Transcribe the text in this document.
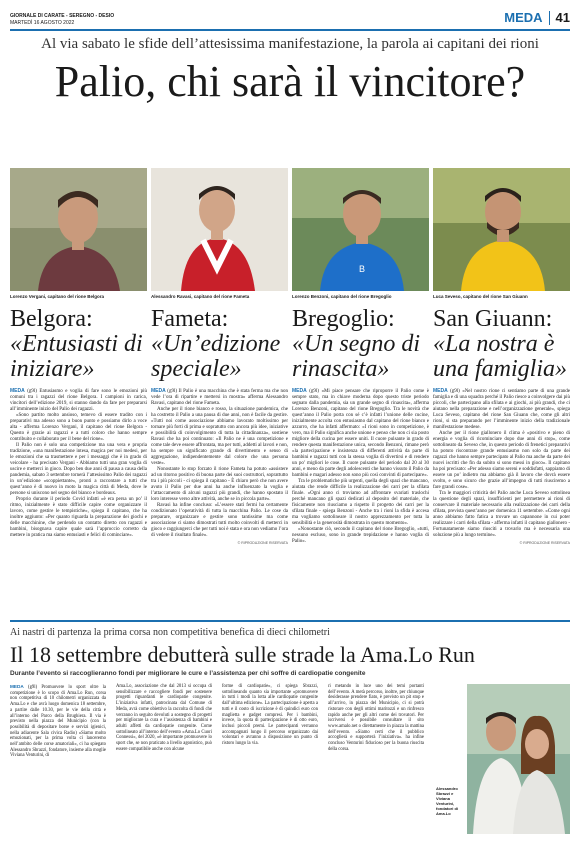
GIORNALE DI CARATE - SEREGNO - DESIO
MARTEDÌ 16 AGOSTO 2022	MEDA 41
Al via sabato le sfide dell’attesissima manifestazione, la parola ai capitani dei rioni
Palio, chi sarà il vincitore?
Lorenzo Vergani, capitano del rione Belgora
Belgora:
«Entusiasti di iniziare»

MEDA (g9l) Entusiasmo e voglia di fare sono le emozioni più comuni tra i ragazzi del rione Belgora. I campioni in carica, vincitori dell’edizione 2019, si stanno dando da fare per prepararsi all’imminente inizio del Palio dei ragazzi.

«Sono partito molto ansioso, temevo di essere tradito con i preparativi ma adesso sono a buon punto e possiamo dirlo a voce alta - afferma Lorenzo Vergani, il capitano del rione Belgora - Questo è grazie ai ragazzi e a tutti coloro che hanno sempre contribuito e collaborato per il bene del rione».

Il Palio non è solo una competizione ma una vera e propria tradizione, «una manifestazione intesa, magica per noi medesi, per le emozioni che sa trasmettere e per i messaggi che è in grado di veicolare - ha precisato Vergani - Abbiamo tutti una gran voglia di uscire e metterci in gioco. Dopo ben due anni di pausa a causa della pandemia, sabato 3 settembre tornerà l’attesissimo Palio dei ragazzi in un’edizione «scoppiettante», pronti a raccontare a tutti che quest’anno è di nuovo in moto la magica città di Meda, dove le persone si uniscono nel segno del bianco e bordeaux.

Proprio durante il periodo Covid infatti «è era persa un po’ il ritmo, inizialmente è stato difficile capire come organizzare il lavoro, come gestire le tempistiche», spiega il capitano, che ha inoltre aggiunto: «Per quanto riguarda la preparazione dei giochi e delle macchinine, che perdendo un contatto diretto con ragazzi e bambini, bisognava capire quale sarà l’approccio corretto da mettere in pratica ma siamo entusiasti e felici di cominciare».

Alessandro Ravasi, capitano del rione Fameta
Fameta:
«Un’edizione speciale»

MEDA (g9l) Il Palio è una macchina che è stata ferma ma che non vede l’ora di ripartire e mettersi in mostra» afferma Alessandro Ravasi, capitano del rione Fameta.

Anche per il rione bianco e rosso, la situazione pandemica, che ha costretto il Palio a una pausa di due anni, non è facile da gestire. «Tutti noi come associazione abbiamo lavorato moltissimo per tornare più forti di prima e sopratutto con ancora più idee, iniziative e possibilità di coinvolgimento di tutta la cittadinanza», sostiene Ravasi che ha poi continuato: «Il Palio ne è una competizione e come tale deve essere affrontata, ma per tutti, addetti al lavori e non, ha sempre un significato grande di divertimento e senso di aggregazione, indipendentemente dal colore che una persona veste».

Nonostante lo stop forzato il rione Fameta ha potuto «assistere ad un ritorno positivo di buona parte dei suoi costruttori, soprattutto tra i più piccoli - ci spiega il capitano - È chiaro però che non avere avuto il Palio per due anni ha anche influenzato la voglia e l’attaccamento di alcuni ragazzi più grandi, che hanno spostato il loro interesse verso altre attività, anche se in piccola parte».

Ravasi ha infine concluso: «L’essere stati fermi ha certamente condizionato l’operatività di tutta la macchina Palio. Le cose da preparare, organizzare e gestire sono tantissime ma come associazione ci siamo dimostrati tutti molto coinvolti di metterci in gioco e raggiungerci che per tutti noi è stata e ora non vediamo l’ora di vedere il risultato finale».

© RIPRODUZIONE RISERVATA
B
Lorenzo Benzoni, capitano del rione Bregoglio
Bregoglio:
«Un segno di rinascita»

MEDA (g9l) «Mi piace pensare che riproporre il Palio come è sempre stato, ma in chiave moderna dopo questo triste periodo segnato dalla pandemia, sia un grande segno di rinascita», afferma Lorenzo Benzoni, capitano del rione Bregoglio. Tra le novità che quest’anno il Palio porta con sé c’è infatti l’unione delle cucine, inizialmente accolta con entusiasmo dal capitano del rione bianco e azzurro, che ha infatti affermato: «I rioni sono in competizione, è vero, ma il Palio significa anche unione e penso che non ci sia posto migliore della cucina per essere uniti. Il cuore pulsante in grado di rendere questa manifestazione unica, secondo Benzoni, rimane però «la partecipazione e insistenza di differenti attività da parte di bambini e ragazzi tutti con la stessa voglia di divertirsi e di rendere un po’ migliori le cose. Il cuore pulsante del periodo dal 20 al 30 anni, e meno da parte degli adolescenti che hanno vissuto il Palio da bambini e magari adesso non sono più così convinti di partecipare».

Tra le problematiche più urgenti, quella degli spazi che mancano, aiutata che rende difficile la realizzazione dei carri per la sfilata finale. «Ogni anno ci troviamo ad affrontare svariati traslochi perché mancano gli spazi dedicati al deposito del materiale, che fisicamente non riusciamo a rispetto il progetto dei carri per la sfilata finale - spiega Benzoni - Anche tra i rioni la sfida è accesa ma vogliamo sottolineare il nostro apprezzamento per tutta la sensibilità e la generosità dimostrata in questo momento».

«Nonostante ciò, secondo il capitano del rione Bregoglio, «tutti, nessuno escluso, sono in grande trepidazione e hanno voglia di Palio».

Luca Seveso, capitano del rione San Giuann
San Giuann:
«La nostra è una famiglia»

MEDA (g9l) «Nel nostro rione ci sentiamo parte di una grande famiglia e di una squadra perché il Palio riesce a coinvolgere dai più piccoli, che partecipano alla sfilata e ai giochi, ai più grandi, che ci aiutano nella preparazione e nell’organizzazione generale», spiega Luca Seveso, capitano del rione San Giuann che, come gli altri rioni, si sta preparando per l’imminente inizio della tradizionale manifestazione medese.

Anche per il rione giallonero il clima è «positivo e pieno di energia e voglia di ricominciare dopo due anni di stop», come sottolineato da Seveso che, in questo periodo di frenetici preparativi ha potuto riscontrare grande entusiasmo non solo da parte dei ragazzi che hanno sempre partecipato al Palio ma anche da parte dei nuovi iscritti che fin da subito si sono messi in gioco». Il capitano ha poi precisato: «Per adesso siamo sereni e soddisfatti, sappiamo di essere un po’ indietro ma abbiamo già il lavoro che dovrà essere svolto, e sono sicuro che grazie all’impegno di tutti riusciremo a fare grandi cose».

Tra le maggiori criticità del Palio anche Luca Seveso sottolinea la questione degli spazi, insufficienti per permettere ai rioni di conservare il materiale necessario alla realizzazione dei carri della sfilata, prevista quest’anno per domenica 11 settembre. «Come ogni anno abbiamo fatto fatica a trovare un capannone in cui poter realizzare i carri della sfilata - afferma infatti il capitano giallonero - Fortunatamente siamo riusciti a trovarlo ma è necessaria una soluzione più a lungo termine».

© RIPRODUZIONE RISERVATA
Ai nastri di partenza la prima corsa non competitiva benefica di dieci chilometri
Il 18 settembre debutterà sulle strade la Ama.Lo Run
Durante l’evento si raccoglieranno fondi per migliorare le cure e l’assistenza per chi soffre di cardiopatie congenite

MEDA (g9l) Promuovere lo sport oltre la competizione è lo scopo di Ama.Lo Run, corsa non competitiva di 10 chilometri organizzata da Ama.Lo e che avrà luogo domenica 18 settembre, a partire dalle 10.30, per le vie della città e all’interno del Parco della Brughiera. Il via è previsto nella piazza del Municipio (con la possibilità di depositare borse e servizi igienici, nella adiacente Sala civica Radio) «Siamo molto emozionati, per la prima volta ci lanceremo nell’ambito delle corse amatoriali», ci ha spiegato Alessandro Sbrazzi, fondatore, insieme alla moglie Viviana Venturini, di

Ama.Lo, associazione che dal 2013 si occupa di sensibilizzare e raccogliere fondi per sostenere progetti riguardanti le cardiopatie congenite. L’iniziativa infatti, patrocinata dal Comune di Meda, avrà come obiettivo la raccolta di fondi che verranno in seguito devoluti a sostegno di progetti per migliorare la cura e l’assistenza di bambini e adulti affetti da cardiopatie congenite. Come sottolineato all’interno dell’evento «Ama.Lo Cuori Connessi», del 2020, «è importante promuovere lo sport che, se non praticato a livello agonistico, può essere compatibile anche con alcune

forme di cardiopatie», ci spiega Sbrazzi, sottolineando quanto sia importante «promuovere in tutti i modi la lotta alle cardiopatie congenite dall’ultima edizione». La partecipazione è aperta a tutti e il costo di iscrizione è di quindici euro con maglietta e gadget compresi. Per i bambini, invece, la quota di partecipazione è di otto euro, inclusi piccoli premi. Le partecipanti verranno accompagnati lungo il percorso organizzato dai volontari e avranno a disposizione un punto di ristoro lungo la via.

ri metando in luce uno dei temi portanti dell’evento. A metà percorso, inoltre, per chiunque desiderasse prendere fiato, è previsto un pit stop e all’arrivo, in piazza del Municipio, ci si potrà ristorare con degli ottimi maritozzi e un rinfresco rapido anche per gli altri come dei trovatori. Per iscriversi è possibile consultare il sito www.amalo.net o direttamente in piazza la mattina dell’evento. «Siamo certi che il pubblico accoglierà e supporterà l’iniziativa». ha infine concluso Venturini fiducioso per la buona riuscita della corsa.

Alessandro Sbrazzi e Viviana Venturini, fondatori di Ama.Lo
